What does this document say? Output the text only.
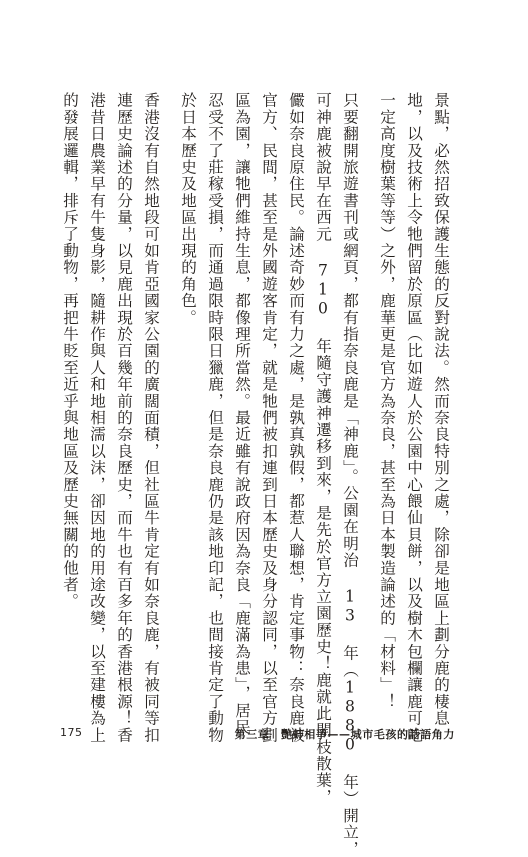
景點，必然招致保護生態的反對說法。然而奈良特別之處，除卻是地區上劃分鹿的棲息
地，以及技術上令牠們留於原區（比如遊人於公園中心餵仙貝餅，以及樹木包欄讓鹿可吃
一定高度樹葉等等）之外，鹿華更是官方為奈良，甚至為日本製造論述的「材料」！
只要翻開旅遊書刊或網頁，都有指奈良鹿是「神鹿」。公園在明治 13 年（1880 年）開立，
可神鹿被說早在西元 710 年隨守護神遷移到來，是先於官方立園歷史！鹿就此開枝散葉，
儼如奈良原住民。論述奇妙而有力之處，是孰真孰假，都惹人聯想，肯定事物：奈良鹿被
官方、民間，甚至是外國遊客肯定，就是牠們被扣連到日本歷史及身分認同，以至官方劃
區為園，讓牠們維持生息，都像理所當然。最近雖有說政府因為奈良「鹿滿為患」，居民
忍受不了莊稼受損，而通過限時限日獵鹿，但是奈良鹿仍是該地印記，也間接肯定了動物
於日本歷史及地區出現的角色。
香港沒有自然地段可如肯亞國家公園的廣闊面積，但社區牛肯定有如奈良鹿，有被同等扣
連歷史論述的分量，以見鹿出現於百幾年前的奈良歷史，而牛也有百多年的香港根源！香
港昔日農業早有牛隻身影，隨耕作與人和地相濡以沫，卻因地的用途改變，以至建樓為上
的發展邏輯，排斥了動物，再把牛貶至近乎與地區及歷史無關的他者。
175	第三章　艷蚌相爭——城市毛孩的話語角力
